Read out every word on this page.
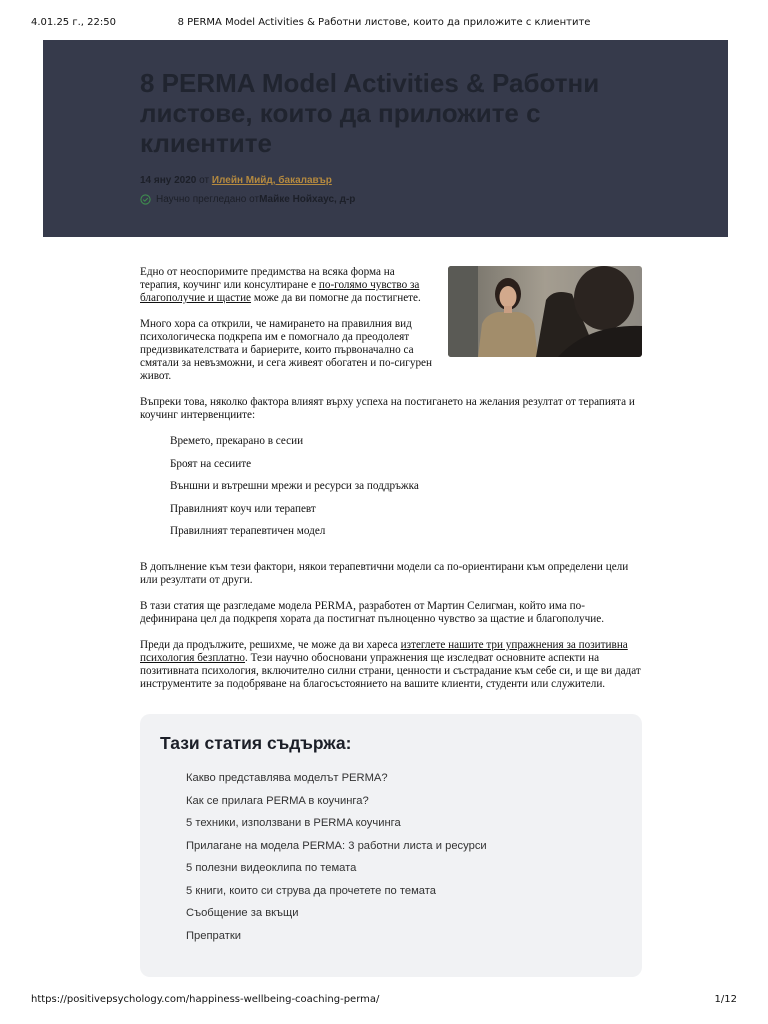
4.01.25 г., 22:50	8 PERMA Model Activities & Работни листове, които да приложите с клиентите
8 PERMA Model Activities & Работни листове, които да приложите с клиентите
14 яну 2020 от Илейн Мийд, бакалавър
Научно прегледано от Майке Нойхаус, д-р

Едно от неоспоримите предимства на всяка форма на терапия, коучинг или консултиране е по-голямо чувство за благополучие и щастие може да ви помогне да постигнете.

Много хора са открили, че намирането на правилния вид психологическа подкрепа им е помогнало да преодолеят предизвикателствата и бариерите, които първоначално са смятали за невъзможни, и сега живеят обогатен и по-сигурен живот.

Въпреки това, няколко фактора влияят върху успеха на постигането на желания резултат от терапията и коучинг интервенциите:

Времето, прекарано в сесии
Броят на сесиите
Външни и вътрешни мрежи и ресурси за поддръжка
Правилният коуч или терапевт
Правилният терапевтичен модел

В допълнение към тези фактори, някои терапевтични модели са по-ориентирани към определени цели или резултати от други.

В тази статия ще разгледаме модела PERMA, разработен от Мартин Селигман, който има по-дефинирана цел да подкрепя хората да постигнат пълноценно чувство за щастие и благополучие.

Преди да продължите, решихме, че може да ви хареса изтеглете нашите три упражнения за позитивна психология безплатно. Тези научно обосновани упражнения ще изследват основните аспекти на позитивната психология, включително силни страни, ценности и състрадание към себе си, и ще ви дадат инструментите за подобряване на благосъстоянието на вашите клиенти, студенти или служители.

Тази статия съдържа:
Какво представлява моделът PERMA?
Как се прилага PERMA в коучинга?
5 техники, използвани в PERMA коучинга
Прилагане на модела PERMA: 3 работни листа и ресурси
5 полезни видеоклипа по темата
5 книги, които си струва да прочетете по темата
Съобщение за вкъщи
Препратки
https://positivepsychology.com/happiness-wellbeing-coaching-perma/	1/12
